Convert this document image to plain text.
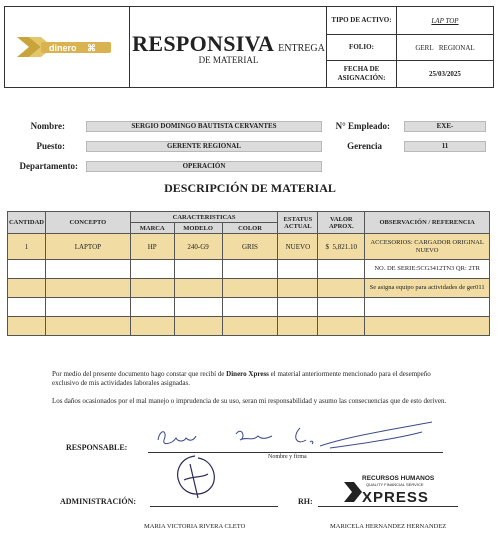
dinero ⌘ RESPONSIVA ENTREGA
DE MATERIAL
TIPO DE ACTIVO:	LAP TOP
FOLIO:	GERL
REGIONAL
FECHA DE ASIGNACIÓN:	25/03/2025
Nombre:	SERGIO DOMINGO BAUTISTA CERVANTES	N° Empleado:	EXE-
Puesto:	GERENTE REGIONAL	Gerencia	11
Departamento:	OPERACIÓN
DESCRIPCIÓN DE MATERIAL
CANTIDAD	CONCEPTO	CARACTERISTICAS			ESTATUS ACTUAL	VALOR APROX.	OBSERVACIÓN / REFERENCIA
		MARCA	MODELO	COLOR			
1	LAPTOP	HP	240-G9	GRIS	NUEVO	$ 5,821.10	ACCESORIOS: CARGADOR ORIGINAL NUEVO
							NO. DE SERIE:5CG3412TN3 QR: 2TR
							Se asigna equipo para actividades de ger011

Por medio del presente documento hago constar que recibí de Dinero Xpress el material anteriormente mencionado para el desempeño exclusivo de mis actividades laborales asignadas.
Los daños ocasionados por el mal manejo o imprudencia de su uso, seran mi responsabilidad y asumo las consecuencias que de esto deriven.
RESPONSABLE:
Nombre y firma
ADMINISTRACIÓN:	RH:
RECURSOS HUMANOS
QUALITY FINANCIAL SERVICE
XPRESS
MARIA VICTORIA RIVERA CLETO	MARICELA HERNANDEZ HERNANDEZ
